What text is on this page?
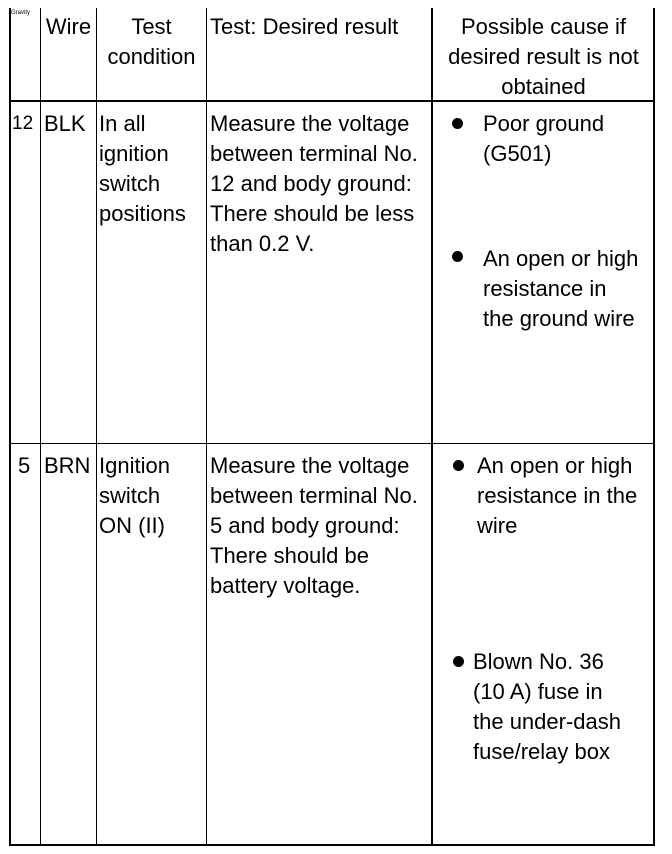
Gravity
Wire	Test condition
Test: Desired result	Possible cause if desired result is not obtained
12 BLK In all ignition switch positions
Measure the voltage between terminal No. 12 and body ground: There should be less than 0.2 V.
Poor ground (G501)
An open or high resistance in the ground wire
5 BRN Ignition switch ON (II)
Measure the voltage between terminal No. 5 and body ground: There should be battery voltage.
An open or high resistance in the wire
Blown No. 36 (10 A) fuse in the under-dash fuse/relay box
